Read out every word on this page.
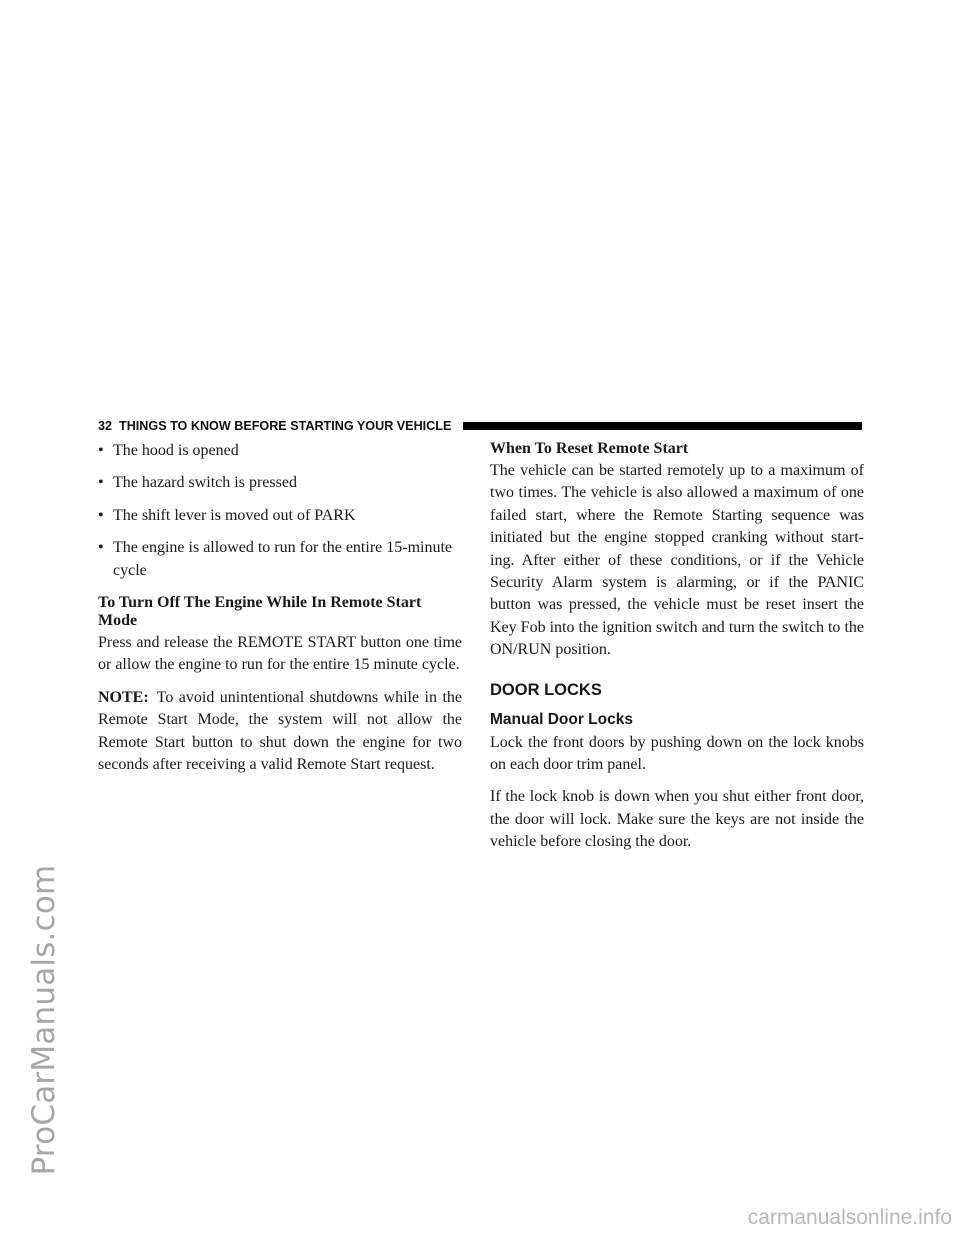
ProCarManuals.com
32 THINGS TO KNOW BEFORE STARTING YOUR VEHICLE
• The hood is opened
• The hazard switch is pressed
• The shift lever is moved out of PARK
• The engine is allowed to run for the entire 15-minute cycle
To Turn Off The Engine While In Remote Start
Mode

Press and release the REMOTE START button one time or allow the engine to run for the entire 15 minute cycle.

NOTE: To avoid unintentional shutdowns while in the Remote Start Mode, the system will not allow the Remote Start button to shut down the engine for two seconds after receiving a valid Remote Start request.

When To Reset Remote Start

The vehicle can be started remotely up to a maximum of two times. The vehicle is also allowed a maximum of one failed start, where the Remote Starting sequence was initiated but the engine stopped cranking without start-ing. After either of these conditions, or if the Vehicle Security Alarm system is alarming, or if the PANIC button was pressed, the vehicle must be reset insert the Key Fob into the ignition switch and turn the switch to the ON/RUN position.

DOOR LOCKS
Manual Door Locks

Lock the front doors by pushing down on the lock knobs on each door trim panel.

If the lock knob is down when you shut either front door, the door will lock. Make sure the keys are not inside the vehicle before closing the door.

carmanualsonline.info
